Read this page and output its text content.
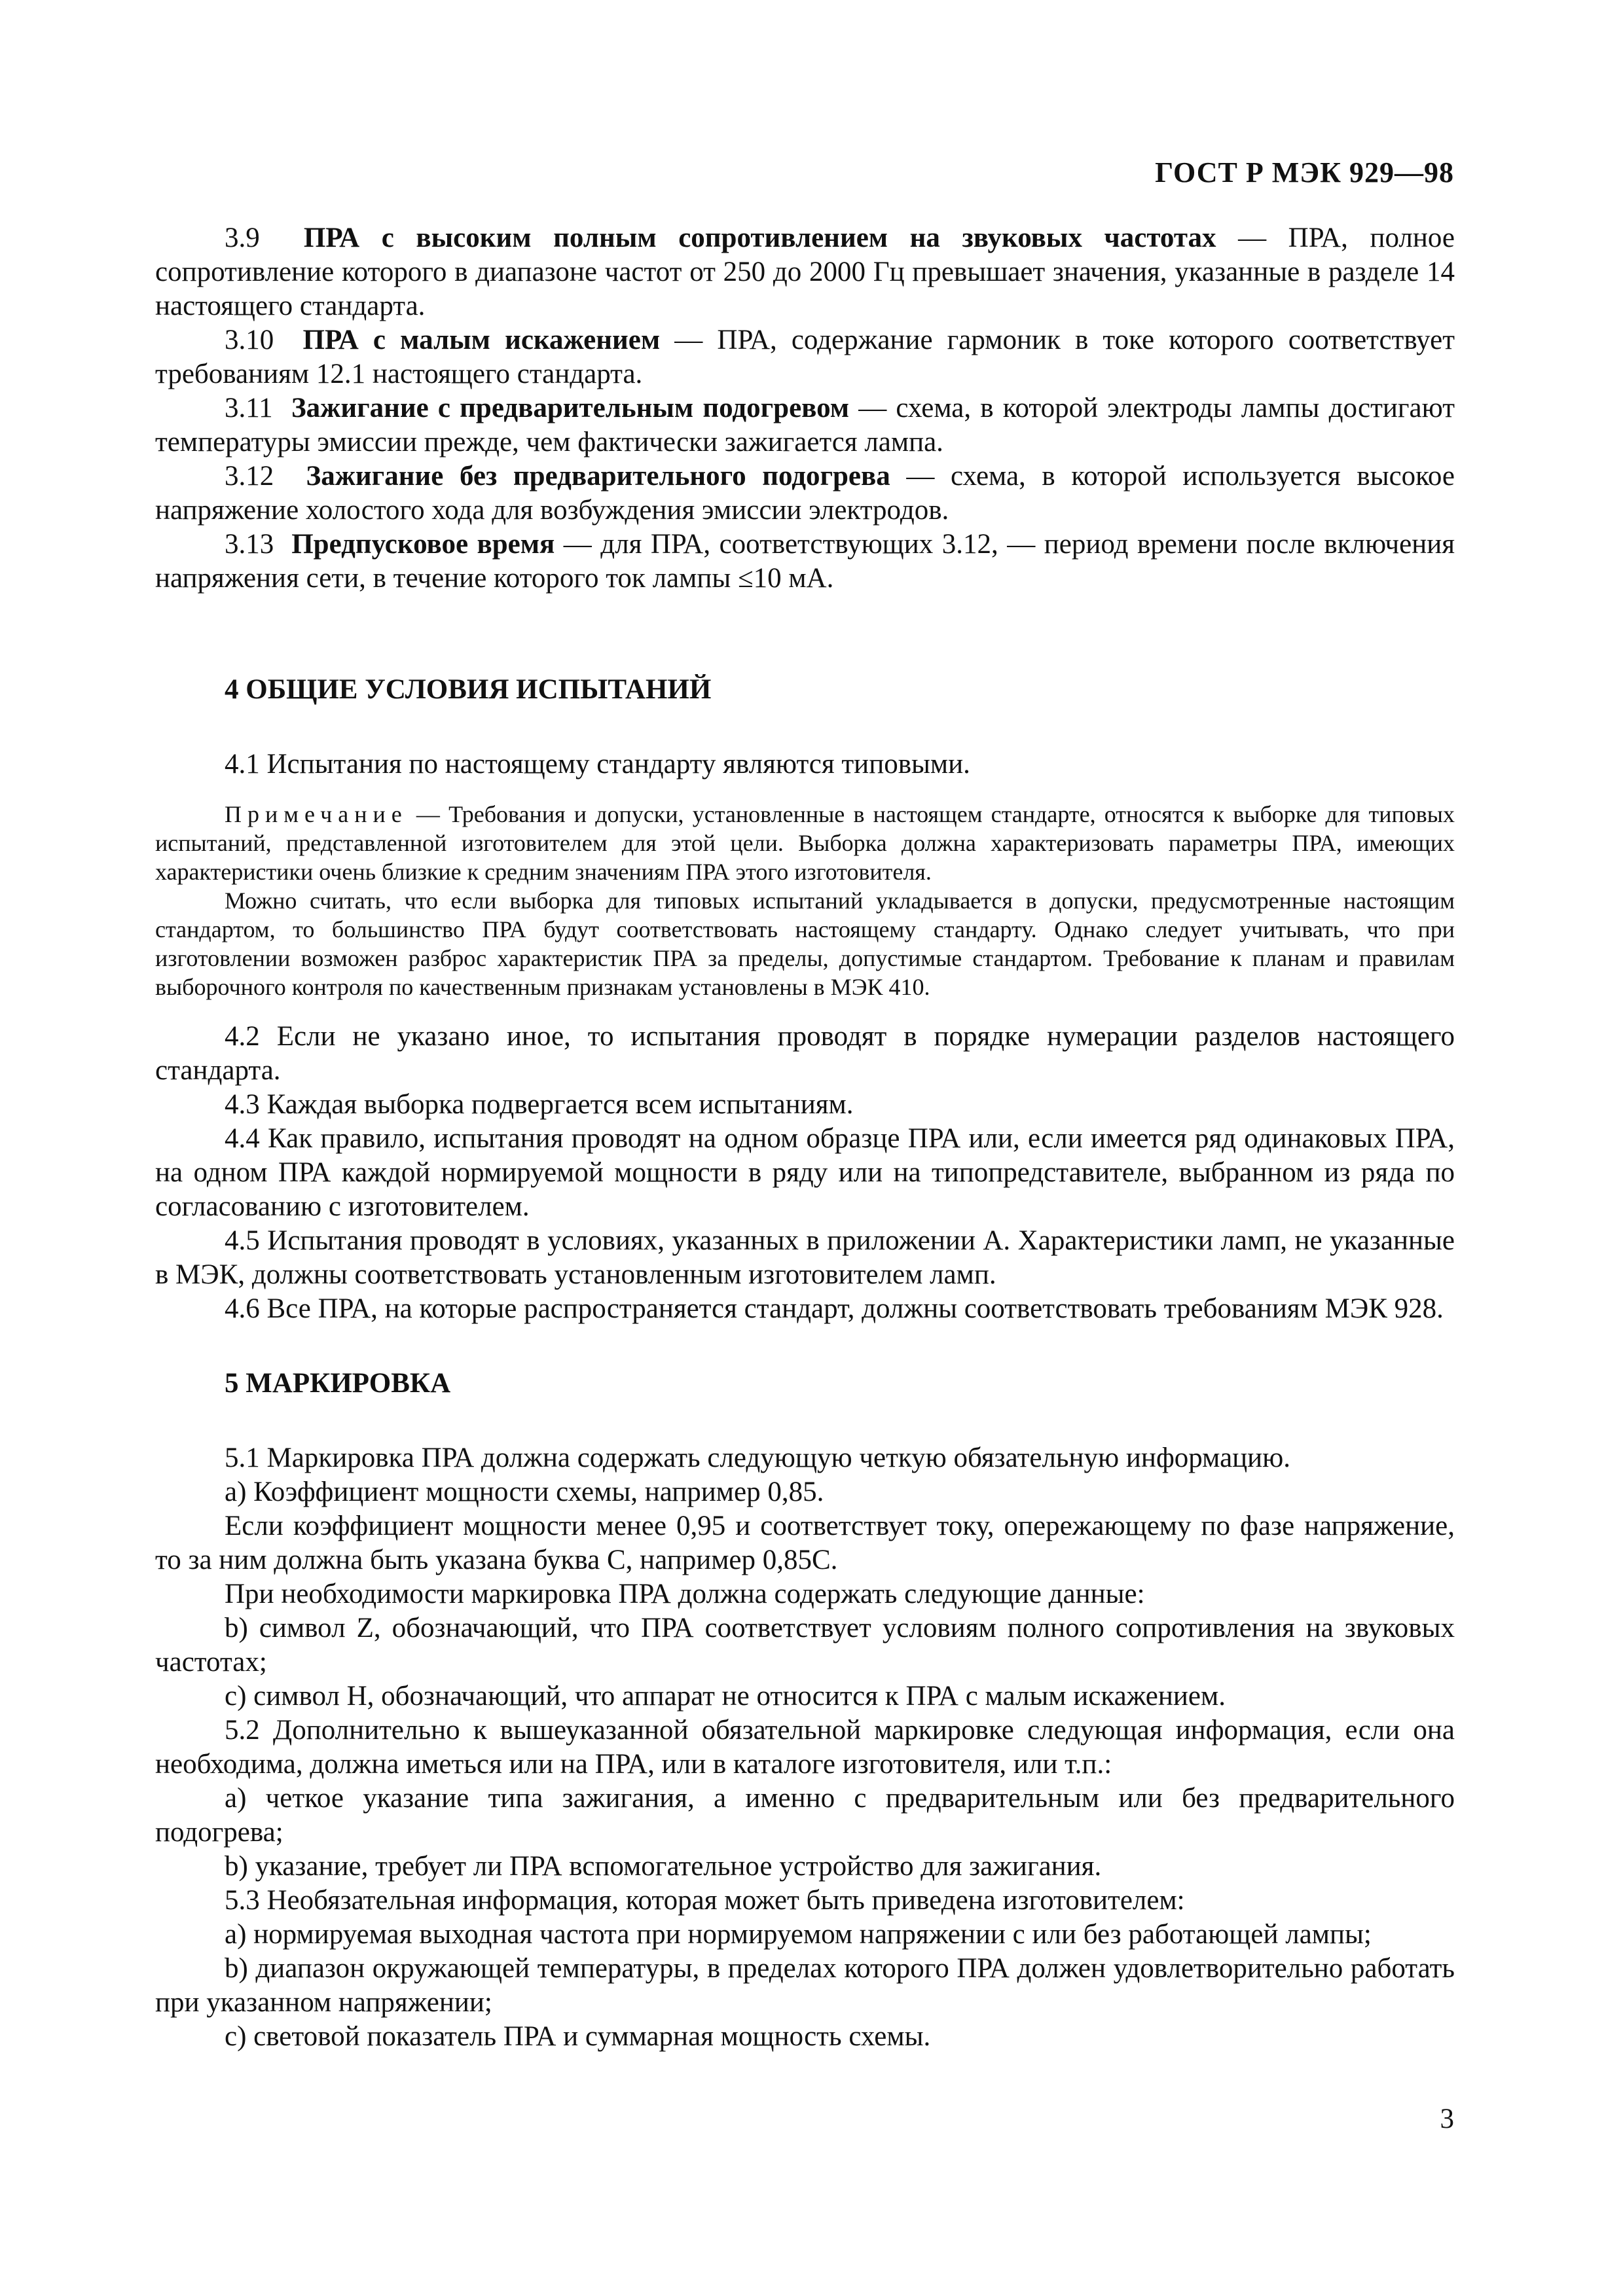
ГОСТ Р МЭК 929—98

3.9 ПРА с высоким полным сопротивлением на звуковых частотах — ПРА, полное сопротивление которого в диапазоне частот от 250 до 2000 Гц превышает значения, указанные в разделе 14 настоящего стандарта.

3.10 ПРА с малым искажением — ПРА, содержание гармоник в токе которого соответствует требованиям 12.1 настоящего стандарта.

3.11 Зажигание с предварительным подогревом — схема, в которой электроды лампы достигают температуры эмиссии прежде, чем фактически зажигается лампа.

3.12 Зажигание без предварительного подогрева — схема, в которой используется высокое напряжение холостого хода для возбуждения эмиссии электродов.

3.13 Предпусковое время — для ПРА, соответствующих 3.12, — период времени после включения напряжения сети, в течение которого ток лампы ≤10 мА.

4 ОБЩИЕ УСЛОВИЯ ИСПЫТАНИЙ

4.1 Испытания по настоящему стандарту являются типовыми.

Примечание — Требования и допуски, установленные в настоящем стандарте, относятся к выборке для типовых испытаний, представленной изготовителем для этой цели. Выборка должна характеризовать параметры ПРА, имеющих характеристики очень близкие к средним значениям ПРА этого изготовителя.

Можно считать, что если выборка для типовых испытаний укладывается в допуски, предусмотренные настоящим стандартом, то большинство ПРА будут соответствовать настоящему стандарту. Однако следует учитывать, что при изготовлении возможен разброс характеристик ПРА за пределы, допустимые стандартом. Требование к планам и правилам выборочного контроля по качественным признакам установлены в МЭК 410.

4.2 Если не указано иное, то испытания проводят в порядке нумерации разделов настоящего стандарта.

4.3 Каждая выборка подвергается всем испытаниям.

4.4 Как правило, испытания проводят на одном образце ПРА или, если имеется ряд одинаковых ПРА, на одном ПРА каждой нормируемой мощности в ряду или на типопредставителе, выбранном из ряда по согласованию с изготовителем.

4.5 Испытания проводят в условиях, указанных в приложении А. Характеристики ламп, не указанные в МЭК, должны соответствовать установленным изготовителем ламп.

4.6 Все ПРА, на которые распространяется стандарт, должны соответствовать требованиям МЭК 928.

5 МАРКИРОВКА

5.1 Маркировка ПРА должна содержать следующую четкую обязательную информацию.

а) Коэффициент мощности схемы, например 0,85.

Если коэффициент мощности менее 0,95 и соответствует току, опережающему по фазе напряжение, то за ним должна быть указана буква С, например 0,85С.

При необходимости маркировка ПРА должна содержать следующие данные:

b) символ Z, обозначающий, что ПРА соответствует условиям полного сопротивления на звуковых частотах;

с) символ Н, обозначающий, что аппарат не относится к ПРА с малым искажением.

5.2 Дополнительно к вышеуказанной обязательной маркировке следующая информация, если она необходима, должна иметься или на ПРА, или в каталоге изготовителя, или т.п.:

а) четкое указание типа зажигания, а именно с предварительным или без предварительного подогрева;

b) указание, требует ли ПРА вспомогательное устройство для зажигания.

5.3 Необязательная информация, которая может быть приведена изготовителем:

а) нормируемая выходная частота при нормируемом напряжении с или без работающей лампы;

b) диапазон окружающей температуры, в пределах которого ПРА должен удовлетворительно работать при указанном напряжении;

с) световой показатель ПРА и суммарная мощность схемы.

3
